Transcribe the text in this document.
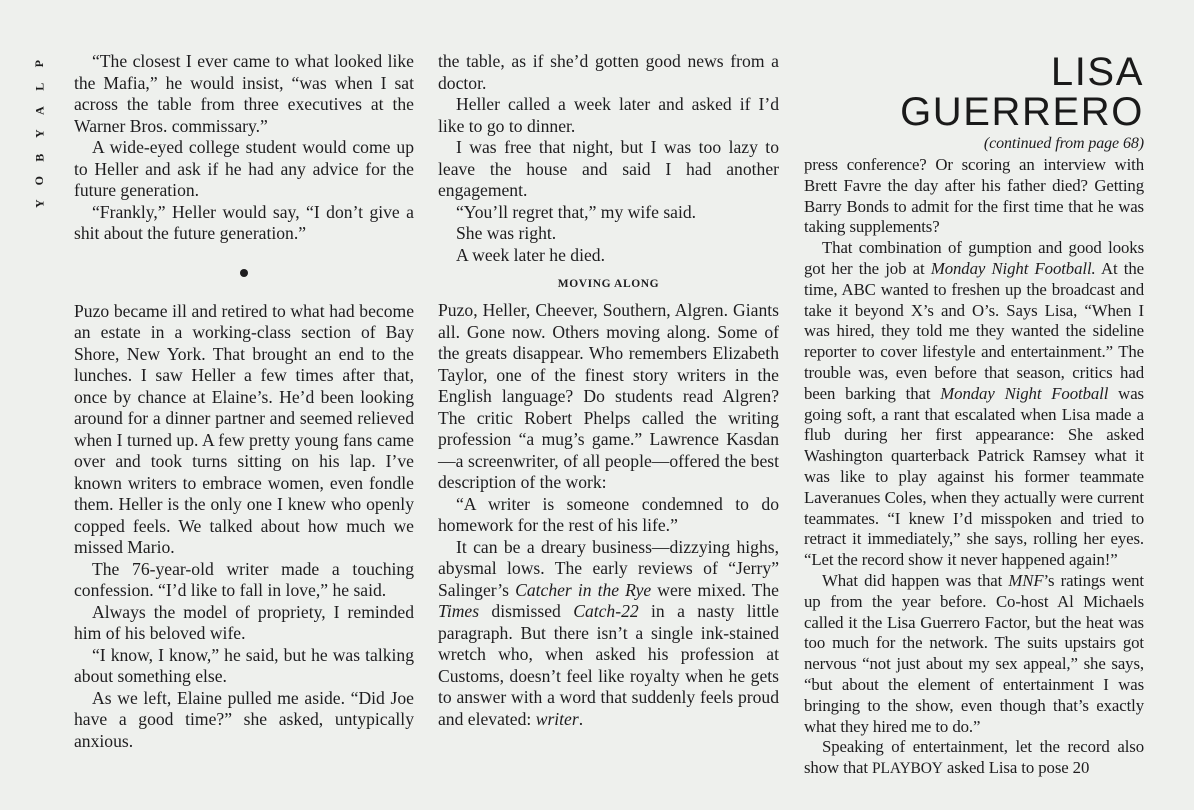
P
L
A
Y
B
O
Y

“The closest I ever came to what looked like the Mafia,” he would insist, “was when I sat across the table from three executives at the Warner Bros. commissary.”

A wide-eyed college student would come up to Heller and ask if he had any advice for the future generation.

“Frankly,” Heller would say, “I don’t give a shit about the future generation.”

Puzo became ill and retired to what had become an estate in a working-class section of Bay Shore, New York. That brought an end to the lunches. I saw Heller a few times after that, once by chance at Elaine’s. He’d been looking around for a dinner partner and seemed relieved when I turned up. A few pretty young fans came over and took turns sitting on his lap. I’ve known writers to embrace women, even fondle them. Heller is the only one I knew who openly copped feels. We talked about how much we missed Mario.

The 76-year-old writer made a touching confession. “I’d like to fall in love,” he said.

Always the model of propriety, I reminded him of his beloved wife.

“I know, I know,” he said, but he was talking about something else.

As we left, Elaine pulled me aside. “Did Joe have a good time?” she asked, untypically anxious.

the table, as if she’d gotten good news from a doctor.

Heller called a week later and asked if I’d like to go to dinner.

I was free that night, but I was too lazy to leave the house and said I had another engagement.

“You’ll regret that,” my wife said.

She was right.

A week later he died.

MOVING ALONG

Puzo, Heller, Cheever, Southern, Algren. Giants all. Gone now. Others moving along. Some of the greats disappear. Who remembers Elizabeth Taylor, one of the finest story writers in the English language? Do students read Algren? The critic Robert Phelps called the writing profession “a mug’s game.” Lawrence Kasdan—a screenwriter, of all people—offered the best description of the work:

“A writer is someone condemned to do homework for the rest of his life.”

It can be a dreary business—dizzying highs, abysmal lows. The early reviews of “Jerry” Salinger’s Catcher in the Rye were mixed. The Times dismissed Catch-22 in a nasty little paragraph. But there isn’t a single ink-stained wretch who, when asked his profession at Customs, doesn’t feel like royalty when he gets to answer with a word that suddenly feels proud and elevated: writer.

LISA GUERRERO
(continued from page 68)

press conference? Or scoring an interview with Brett Favre the day after his father died? Getting Barry Bonds to admit for the first time that he was taking supplements?

That combination of gumption and good looks got her the job at Monday Night Football. At the time, ABC wanted to freshen up the broadcast and take it beyond X’s and O’s. Says Lisa, “When I was hired, they told me they wanted the sideline reporter to cover lifestyle and entertainment.” The trouble was, even before that season, critics had been barking that Monday Night Football was going soft, a rant that escalated when Lisa made a flub during her first appearance: She asked Washington quarterback Patrick Ramsey what it was like to play against his former teammate Laveranues Coles, when they actually were current teammates. “I knew I’d misspoken and tried to retract it immediately,” she says, rolling her eyes. “Let the record show it never happened again!”

What did happen was that MNF’s ratings went up from the year before. Co-host Al Michaels called it the Lisa Guerrero Factor, but the heat was too much for the network. The suits upstairs got nervous “not just about my sex appeal,” she says, “but about the element of entertainment I was bringing to the show, even though that’s exactly what they hired me to do.”

Speaking of entertainment, let the record also show that PLAYBOY asked Lisa to pose 20
